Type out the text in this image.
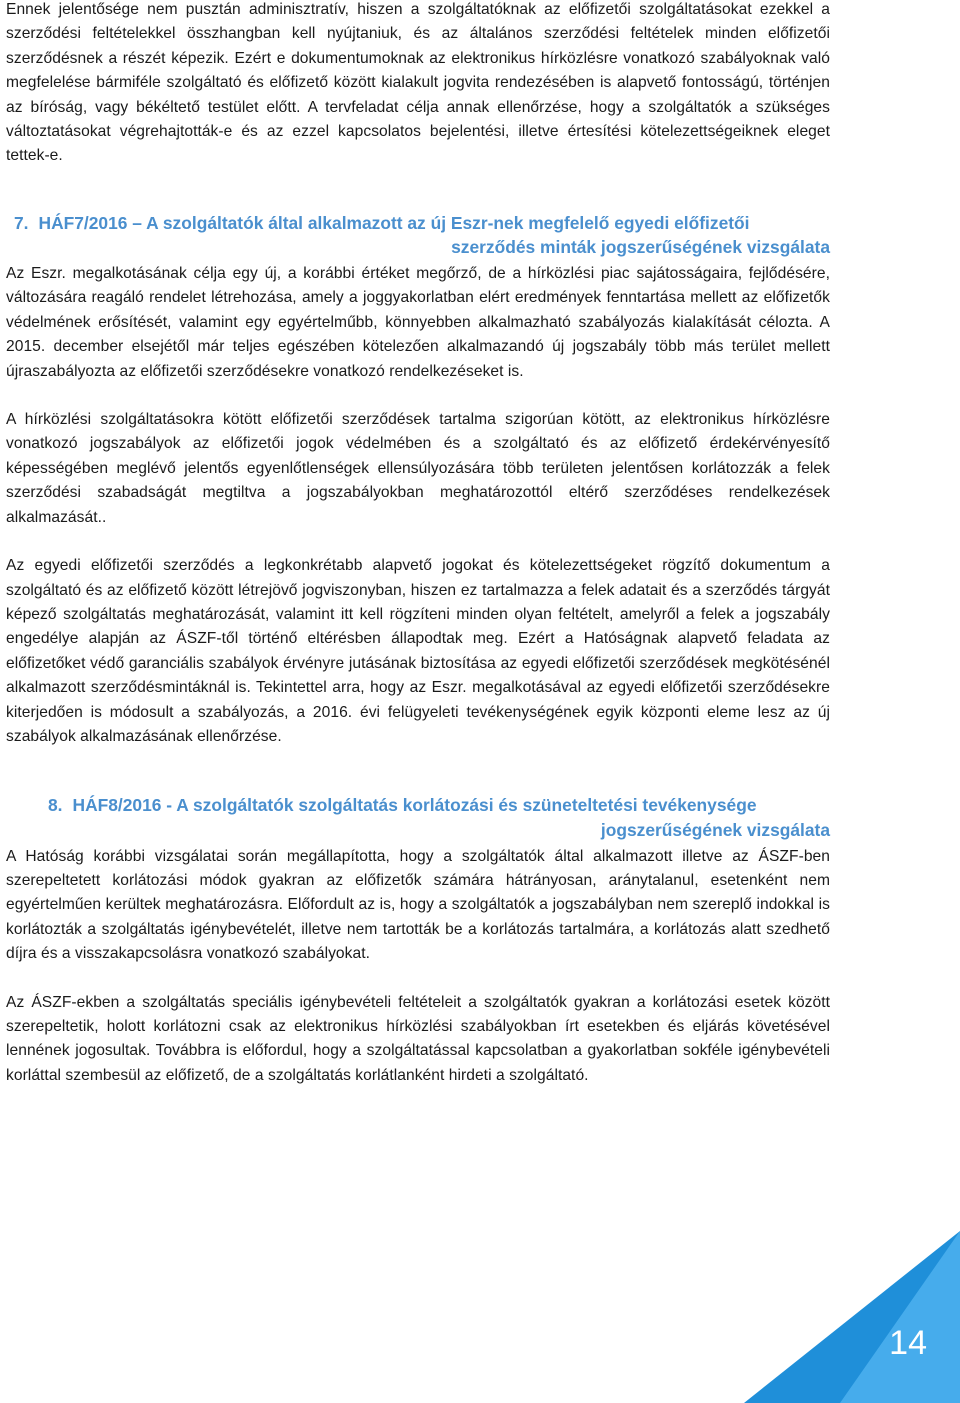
Ennek jelentősége nem pusztán adminisztratív, hiszen a szolgáltatóknak az előfizetői szolgáltatásokat ezekkel a szerződési feltételekkel összhangban kell nyújtaniuk, és az általános szerződési feltételek minden előfizetői szerződésnek a részét képezik. Ezért e dokumentumoknak az elektronikus hírközlésre vonatkozó szabályoknak való megfelelése bármiféle szolgáltató és előfizető között kialakult jogvita rendezésében is alapvető fontosságú, történjen az bíróság, vagy békéltető testület előtt. A tervfeladat célja annak ellenőrzése, hogy a szolgáltatók a szükséges változtatásokat végrehajtották-e és az ezzel kapcsolatos bejelentési, illetve értesítési kötelezettségeiknek eleget tettek-e.

7. HÁF7/2016 – A szolgáltatók által alkalmazott az új Eszr-nek megfelelő egyedi előfizetői
szerződés minták jogszerűségének vizsgálata

Az Eszr. megalkotásának célja egy új, a korábbi értéket megőrző, de a hírközlési piac sajátosságaira, fejlődésére, változására reagáló rendelet létrehozása, amely a joggyakorlatban elért eredmények fenntartása mellett az előfizetők védelmének erősítését, valamint egy egyértelműbb, könnyebben alkalmazható szabályozás kialakítását célozta. A 2015. december elsejétől már teljes egészében kötelezően alkalmazandó új jogszabály több más terület mellett újraszabályozta az előfizetői szerződésekre vonatkozó rendelkezéseket is.

A hírközlési szolgáltatásokra kötött előfizetői szerződések tartalma szigorúan kötött, az elektronikus hírközlésre vonatkozó jogszabályok az előfizetői jogok védelmében és a szolgáltató és az előfizető érdekérvényesítő képességében meglévő jelentős egyenlőtlenségek ellensúlyozására több területen jelentősen korlátozzák a felek szerződési szabadságát megtiltva a jogszabályokban meghatározottól eltérő szerződéses rendelkezések alkalmazását..

Az egyedi előfizetői szerződés a legkonkrétabb alapvető jogokat és kötelezettségeket rögzítő dokumentum a szolgáltató és az előfizető között létrejövő jogviszonyban, hiszen ez tartalmazza a felek adatait és a szerződés tárgyát képező szolgáltatás meghatározását, valamint itt kell rögzíteni minden olyan feltételt, amelyről a felek a jogszabály engedélye alapján az ÁSZF-től történő eltérésben állapodtak meg. Ezért a Hatóságnak alapvető feladata az előfizetőket védő garanciális szabályok érvényre jutásának biztosítása az egyedi előfizetői szerződések megkötésénél alkalmazott szerződésmintáknál is. Tekintettel arra, hogy az Eszr. megalkotásával az egyedi előfizetői szerződésekre kiterjedően is módosult a szabályozás, a 2016. évi felügyeleti tevékenységének egyik központi eleme lesz az új szabályok alkalmazásának ellenőrzése.

8. HÁF8/2016 - A szolgáltatók szolgáltatás korlátozási és szüneteltetési tevékenysége
jogszerűségének vizsgálata

A Hatóság korábbi vizsgálatai során megállapította, hogy a szolgáltatók által alkalmazott illetve az ÁSZF-ben szerepeltetett korlátozási módok gyakran az előfizetők számára hátrányosan, aránytalanul, esetenként nem egyértelműen kerültek meghatározásra. Előfordult az is, hogy a szolgáltatók a jogszabályban nem szereplő indokkal is korlátozták a szolgáltatás igénybevételét, illetve nem tartották be a korlátozás tartalmára, a korlátozás alatt szedhető díjra és a visszakapcsolásra vonatkozó szabályokat.

Az ÁSZF-ekben a szolgáltatás speciális igénybevételi feltételeit a szolgáltatók gyakran a korlátozási esetek között szerepeltetik, holott korlátozni csak az elektronikus hírközlési szabályokban írt esetekben és eljárás követésével lennének jogosultak. Továbbra is előfordul, hogy a szolgáltatással kapcsolatban a gyakorlatban sokféle igénybevételi korláttal szembesül az előfizető, de a szolgáltatás korlátlanként hirdeti a szolgáltató.

14
